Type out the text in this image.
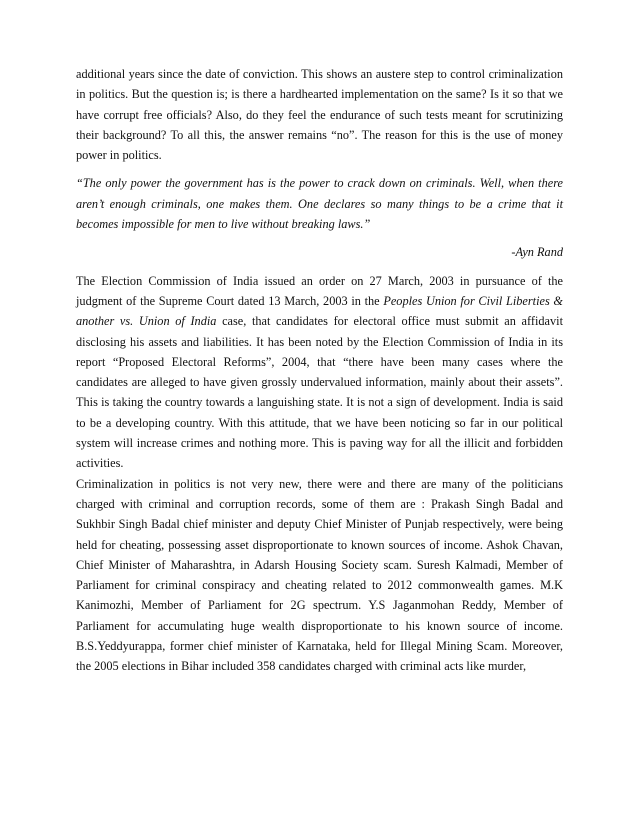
additional years since the date of conviction. This shows an austere step to control criminalization in politics. But the question is; is there a hardhearted implementation on the same? Is it so that we have corrupt free officials? Also, do they feel the endurance of such tests meant for scrutinizing their background? To all this, the answer remains “no”. The reason for this is the use of money power in politics.

“The only power the government has is the power to crack down on criminals. Well, when there aren’t enough criminals, one makes them. One declares so many things to be a crime that it becomes impossible for men to live without breaking laws.”

-Ayn Rand

The Election Commission of India issued an order on 27 March, 2003 in pursuance of the judgment of the Supreme Court dated 13 March, 2003 in the Peoples Union for Civil Liberties & another vs. Union of India case, that candidates for electoral office must submit an affidavit disclosing his assets and liabilities. It has been noted by the Election Commission of India in its report “Proposed Electoral Reforms”, 2004, that “there have been many cases where the candidates are alleged to have given grossly undervalued information, mainly about their assets”. This is taking the country towards a languishing state. It is not a sign of development. India is said to be a developing country. With this attitude, that we have been noticing so far in our political system will increase crimes and nothing more. This is paving way for all the illicit and forbidden activities.

Criminalization in politics is not very new, there were and there are many of the politicians charged with criminal and corruption records, some of them are : Prakash Singh Badal and Sukhbir Singh Badal chief minister and deputy Chief Minister of Punjab respectively, were being held for cheating, possessing asset disproportionate to known sources of income. Ashok Chavan, Chief Minister of Maharashtra, in Adarsh Housing Society scam. Suresh Kalmadi, Member of Parliament for criminal conspiracy and cheating related to 2012 commonwealth games. M.K Kanimozhi, Member of Parliament for 2G spectrum. Y.S Jaganmohan Reddy, Member of Parliament for accumulating huge wealth disproportionate to his known source of income. B.S.Yeddyurappa, former chief minister of Karnataka, held for Illegal Mining Scam. Moreover, the 2005 elections in Bihar included 358 candidates charged with criminal acts like murder,
